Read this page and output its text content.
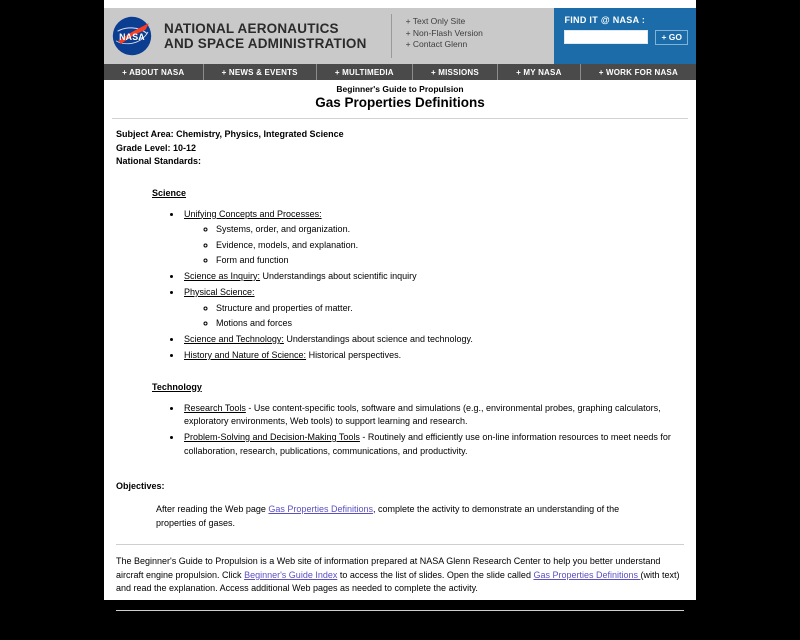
NASA
NATIONAL AERONAUTICS
AND SPACE ADMINISTRATION
+ Text Only Site
+ Non-Flash Version
+ Contact Glenn
FIND IT @ NASA :
+ GO
+ ABOUT NASA	+ NEWS & EVENTS	+ MULTIMEDIA	+ MISSIONS	+ MY NASA	+ WORK FOR NASA
Beginner's Guide to Propulsion
Gas Properties Definitions
Subject Area: Chemistry, Physics, Integrated Science
Grade Level: 10-12
National Standards:
Science
• Unifying Concepts and Processes:
◦ Systems, order, and organization.
◦ Evidence, models, and explanation.
◦ Form and function
• Science as Inquiry: Understandings about scientific inquiry
• Physical Science:
◦ Structure and properties of matter.
◦ Motions and forces
• Science and Technology: Understandings about science and technology.
• History and Nature of Science: Historical perspectives.
Technology
• Research Tools - Use content-specific tools, software and simulations (e.g., environmental probes, graphing calculators, exploratory environments, Web tools) to support learning and research.
• Problem-Solving and Decision-Making Tools - Routinely and efficiently use on-line information resources to meet needs for collaboration, research, publications, communications, and productivity.
Objectives:
After reading the Web page Gas Properties Definitions, complete the activity to demonstrate an understanding of the properties of gases.
The Beginner's Guide to Propulsion is a Web site of information prepared at NASA Glenn Research Center to help you better understand aircraft engine propulsion. Click Beginner's Guide Index to access the list of slides. Open the slide called Gas Properties Definitions (with text) and read the explanation. Access additional Web pages as needed to complete the activity.
Assessment:
